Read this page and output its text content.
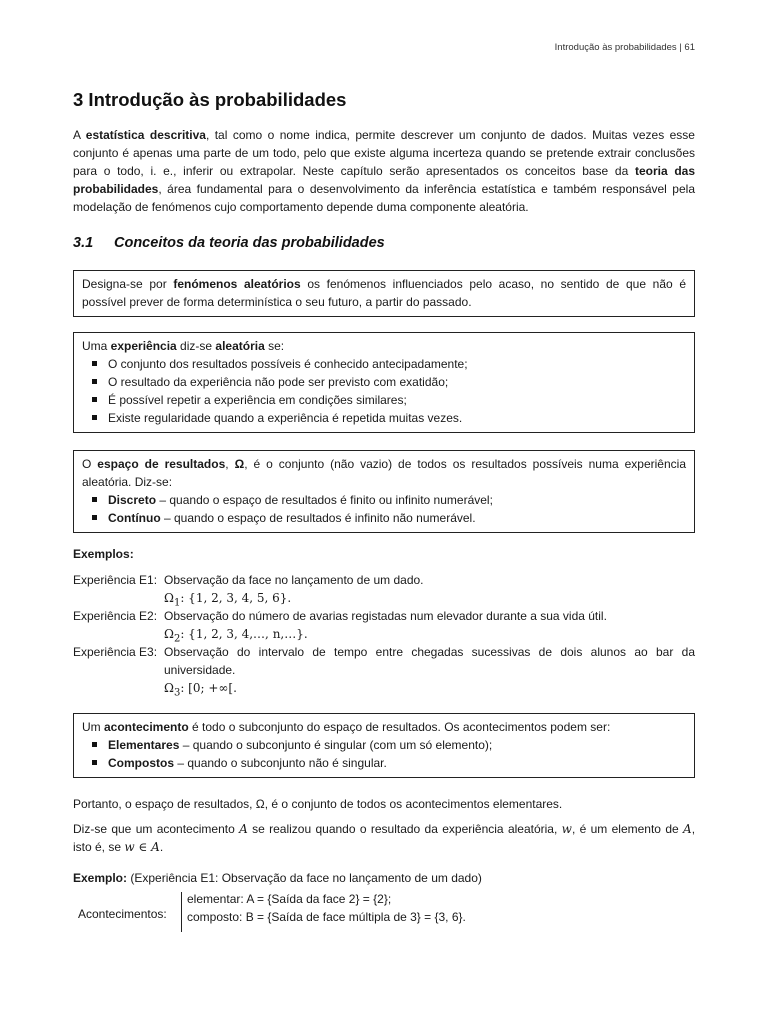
Introdução às probabilidades | 61
3 Introdução às probabilidades

A estatística descritiva, tal como o nome indica, permite descrever um conjunto de dados. Muitas vezes esse conjunto é apenas uma parte de um todo, pelo que existe alguma incerteza quando se pretende extrair conclusões para o todo, i. e., inferir ou extrapolar. Neste capítulo serão apresentados os conceitos base da teoria das probabilidades, área fundamental para o desenvolvimento da inferência estatística e também responsável pela modelação de fenómenos cujo comportamento depende duma componente aleatória.

3.1 Conceitos da teoria das probabilidades

Designa-se por fenómenos aleatórios os fenómenos influenciados pelo acaso, no sentido de que não é possível prever de forma determinística o seu futuro, a partir do passado.

Uma experiência diz-se aleatória se:

O conjunto dos resultados possíveis é conhecido antecipadamente;
O resultado da experiência não pode ser previsto com exatidão;
É possível repetir a experiência em condições similares;
Existe regularidade quando a experiência é repetida muitas vezes.

O espaço de resultados, Ω, é o conjunto (não vazio) de todos os resultados possíveis numa experiência aleatória. Diz-se:

Discreto – quando o espaço de resultados é finito ou infinito numerável;
Contínuo – quando o espaço de resultados é infinito não numerável.
Exemplos:
Experiência E1: Observação da face no lançamento de um dado.
$\Omega_1$: {1, 2, 3, 4, 5, 6}.
Experiência E2: Observação do número de avarias registadas num elevador durante a sua vida útil.
$\Omega_2$: {1, 2, 3, 4,…, n,…}.
Experiência E3: Observação do intervalo de tempo entre chegadas sucessivas de dois alunos ao bar da universidade.
$\Omega_3$: [0; +∞[.

Um acontecimento é todo o subconjunto do espaço de resultados. Os acontecimentos podem ser:

Elementares – quando o subconjunto é singular (com um só elemento);
Compostos – quando o subconjunto não é singular.

Portanto, o espaço de resultados, Ω, é o conjunto de todos os acontecimentos elementares.

Diz-se que um acontecimento A se realizou quando o resultado da experiência aleatória, w, é um elemento de A, isto é, se w ∈ A.

Exemplo: (Experiência E1: Observação da face no lançamento de um dado)

Acontecimentos:
elementar: A = {Saída da face 2} = {2};
composto: B = {Saída de face múltipla de 3} = {3, 6}.
